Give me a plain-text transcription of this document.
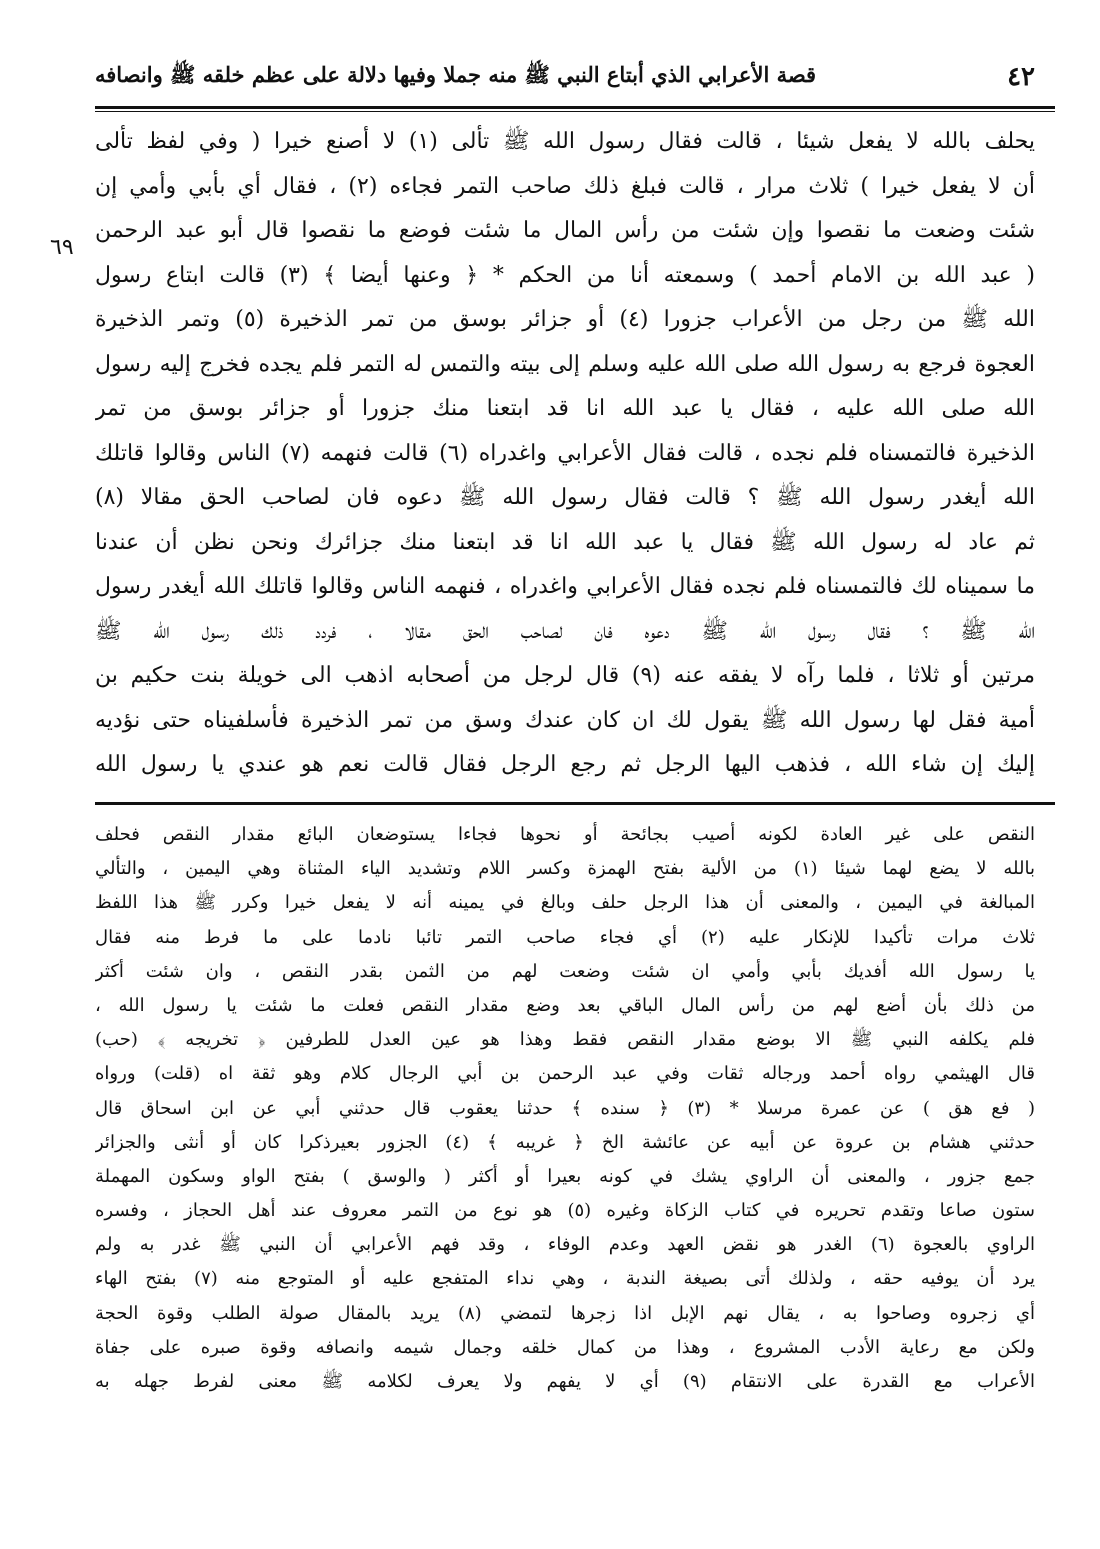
٤٢
قصة الأعرابي الذي أبتاع النبي ﷺ منه جملا وفيها دلالة على عظم خلقه ﷺ وانصافه
٦٩
يحلف بالله لا يفعل شيئا ، قالت فقال رسول الله ﷺ تألى (١) لا أصنع خيرا ( وفي لفظ تألى
أن لا يفعل خيرا ) ثلاث مرار ، قالت فبلغ ذلك صاحب التمر فجاءه (٢) ، فقال أي بأبي وأمي إن
شئت وضعت ما نقصوا وإن شئت من رأس المال ما شئت فوضع ما نقصوا قال أبو عبد الرحمن
( عبد الله بن الامام أحمد ) وسمعته أنا من الحكم * ﴿ وعنها أيضا ﴾ (٣) قالت ابتاع رسول
الله ﷺ من رجل من الأعراب جزورا (٤) أو جزائر بوسق من تمر الذخيرة (٥) وتمر الذخيرة
العجوة فرجع به رسول الله صلى الله عليه وسلم إلى بيته والتمس له التمر فلم يجده فخرج إليه رسول
الله صلى الله عليه ، فقال يا عبد الله انا قد ابتعنا منك جزورا أو جزائر بوسق من تمر
الذخيرة فالتمسناه فلم نجده ، قالت فقال الأعرابي واغدراه (٦) قالت فنهمه (٧) الناس وقالوا قاتلك
الله أيغدر رسول الله ﷺ ؟ قالت فقال رسول الله ﷺ دعوه فان لصاحب الحق مقالا (٨)
ثم عاد له رسول الله ﷺ فقال يا عبد الله انا قد ابتعنا منك جزائرك ونحن نظن أن عندنا
ما سميناه لك فالتمسناه فلم نجده فقال الأعرابي واغدراه ، فنهمه الناس وقالوا قاتلك الله أيغدر رسول
الله ﷺ ؟ فقال رسول الله ﷺ دعوه فان لصاحب الحق مقالا ، فردد ذلك رسول الله ﷺ
مرتين أو ثلاثا ، فلما رآه لا يفقه عنه (٩) قال لرجل من أصحابه اذهب الى خويلة بنت حكيم بن
أمية فقل لها رسول الله ﷺ يقول لك ان كان عندك وسق من تمر الذخيرة فأسلفيناه حتى نؤديه
إليك إن شاء الله ، فذهب اليها الرجل ثم رجع الرجل فقال قالت نعم هو عندي يا رسول الله
النقص على غير العادة لكونه أصيب بجائحة أو نحوها فجاءا يستوضعان البائع مقدار النقص فحلف
بالله لا يضع لهما شيئا (١) من الألية بفتح الهمزة وكسر اللام وتشديد الياء المثناة وهي اليمين ، والتألي
المبالغة في اليمين ، والمعنى أن هذا الرجل حلف وبالغ في يمينه أنه لا يفعل خيرا وكرر ﷺ هذا اللفظ
ثلاث مرات تأكيدا للإنكار عليه (٢) أي فجاء صاحب التمر تائبا نادما على ما فرط منه فقال
يا رسول الله أفديك بأبي وأمي ان شئت وضعت لهم من الثمن بقدر النقص ، وان شئت أكثر
من ذلك بأن أضع لهم من رأس المال الباقي بعد وضع مقدار النقص فعلت ما شئت يا رسول الله ،
فلم يكلفه النبي ﷺ الا بوضع مقدار النقص فقط وهذا هو عين العدل للطرفين ﴿ تخريجه ﴾ (حب)
قال الهيثمي رواه أحمد ورجاله ثقات وفي عبد الرحمن بن أبي الرجال كلام وهو ثقة اه (قلت) ورواه
( فع هق ) عن عمرة مرسلا * (٣) ﴿ سنده ﴾ حدثنا يعقوب قال حدثني أبي عن ابن اسحاق قال
حدثني هشام بن عروة عن أبيه عن عائشة الخ ﴿ غريبه ﴾ (٤) الجزور بعيرذكرا كان أو أنثى والجزائر
جمع جزور ، والمعنى أن الراوي يشك في كونه بعيرا أو أكثر ( والوسق ) بفتح الواو وسكون المهملة
ستون صاعا وتقدم تحريره في كتاب الزكاة وغيره (٥) هو نوع من التمر معروف عند أهل الحجاز ، وفسره
الراوي بالعجوة (٦) الغدر هو نقض العهد وعدم الوفاء ، وقد فهم الأعرابي أن النبي ﷺ غدر به ولم
يرد أن يوفيه حقه ، ولذلك أتى بصيغة الندبة ، وهي نداء المتفجع عليه أو المتوجع منه (٧) بفتح الهاء
أي زجروه وصاحوا به ، يقال نهم الإبل اذا زجرها لتمضي (٨) يريد بالمقال صولة الطلب وقوة الحجة
ولكن مع رعاية الأدب المشروع ، وهذا من كمال خلقه وجمال شيمه وانصافه وقوة صبره على جفاة
الأعراب مع القدرة على الانتقام (٩) أي لا يفهم ولا يعرف لكلامه ﷺ معنى لفرط جهله به
